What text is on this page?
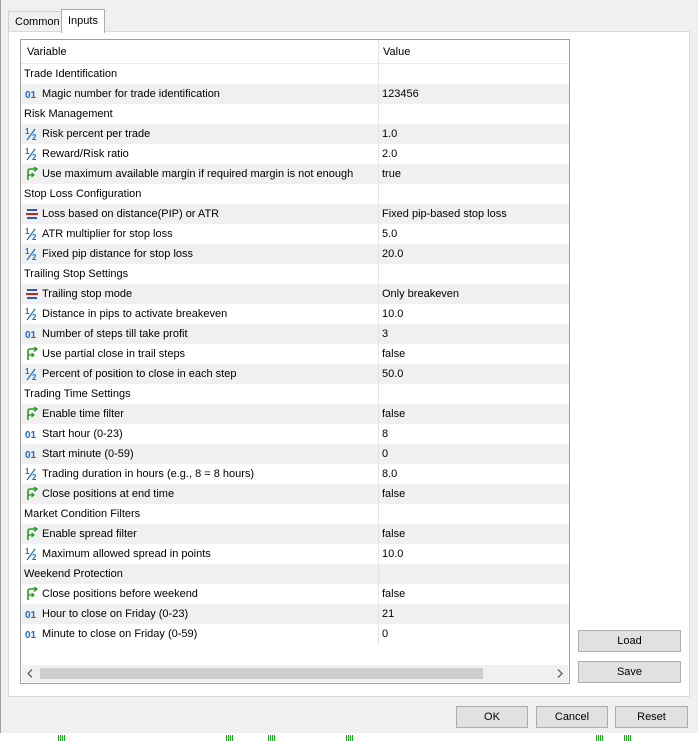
Common Inputs
Variable	Value
Trade Identification
01 Magic number for trade identification	123456
Risk Management
1
2 Risk percent per trade	1.0
1
2 Reward/Risk ratio	2.0
Use maximum available margin if required margin is not enough	true
Stop Loss Configuration
Loss based on distance(PIP) or ATR	Fixed pip-based stop loss
1
2 ATR multiplier for stop loss	5.0
1
2 Fixed pip distance for stop loss	20.0
Trailing Stop Settings
Trailing stop mode	Only breakeven
1
2 Distance in pips to activate breakeven	10.0
01 Number of steps till take profit	3
Use partial close in trail steps	false
1
2 Percent of position to close in each step	50.0
Trading Time Settings
Enable time filter	false
01 Start hour (0-23)	8
01 Start minute (0-59)	0
1
2 Trading duration in hours (e.g., 8 = 8 hours)	8.0
Close positions at end time	false
Market Condition Filters
Enable spread filter	false
1
2 Maximum allowed spread in points	10.0
Weekend Protection
Close positions before weekend	false
01 Hour to close on Friday (0-23)	21
01 Minute to close on Friday (0-59)	0
Load
Save
OK	Cancel	Reset
